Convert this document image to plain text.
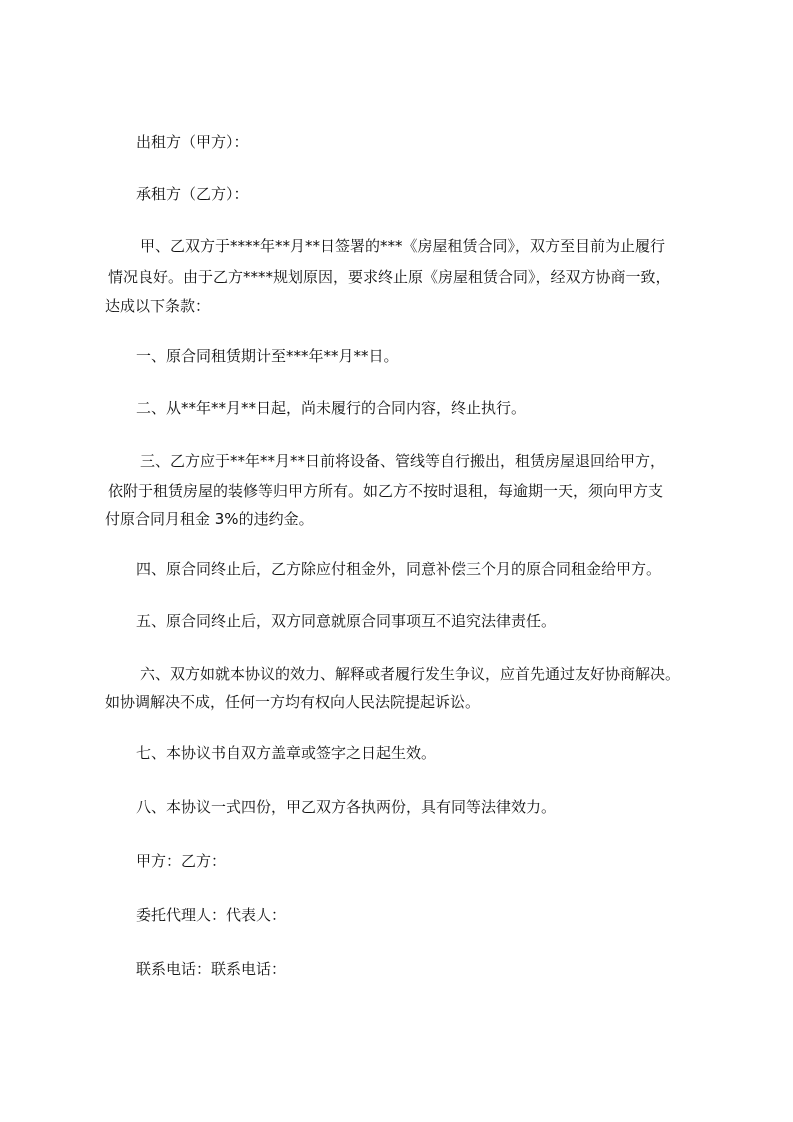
出租方（甲方）：
承租方（乙方）：
甲、乙双方于****年**月**日签署的***《房屋租赁合同》，双方至目前为止履行
情况良好。由于乙方****规划原因，要求终止原《房屋租赁合同》，经双方协商一致，
达成以下条款：
一、原合同租赁期计至***年**月**日。
二、从**年**月**日起，尚未履行的合同内容，终止执行。
三、乙方应于**年**月**日前将设备、管线等自行搬出，租赁房屋退回给甲方，
依附于租赁房屋的装修等归甲方所有。如乙方不按时退租，每逾期一天，须向甲方支
付原合同月租金 3%的违约金。
四、原合同终止后，乙方除应付租金外，同意补偿三个月的原合同租金给甲方。
五、原合同终止后，双方同意就原合同事项互不追究法律责任。
六、双方如就本协议的效力、解释或者履行发生争议，应首先通过友好协商解决。
如协调解决不成，任何一方均有权向人民法院提起诉讼。
七、本协议书自双方盖章或签字之日起生效。
八、本协议一式四份，甲乙双方各执两份，具有同等法律效力。
甲方：乙方：
委托代理人：代表人：
联系电话：联系电话：
